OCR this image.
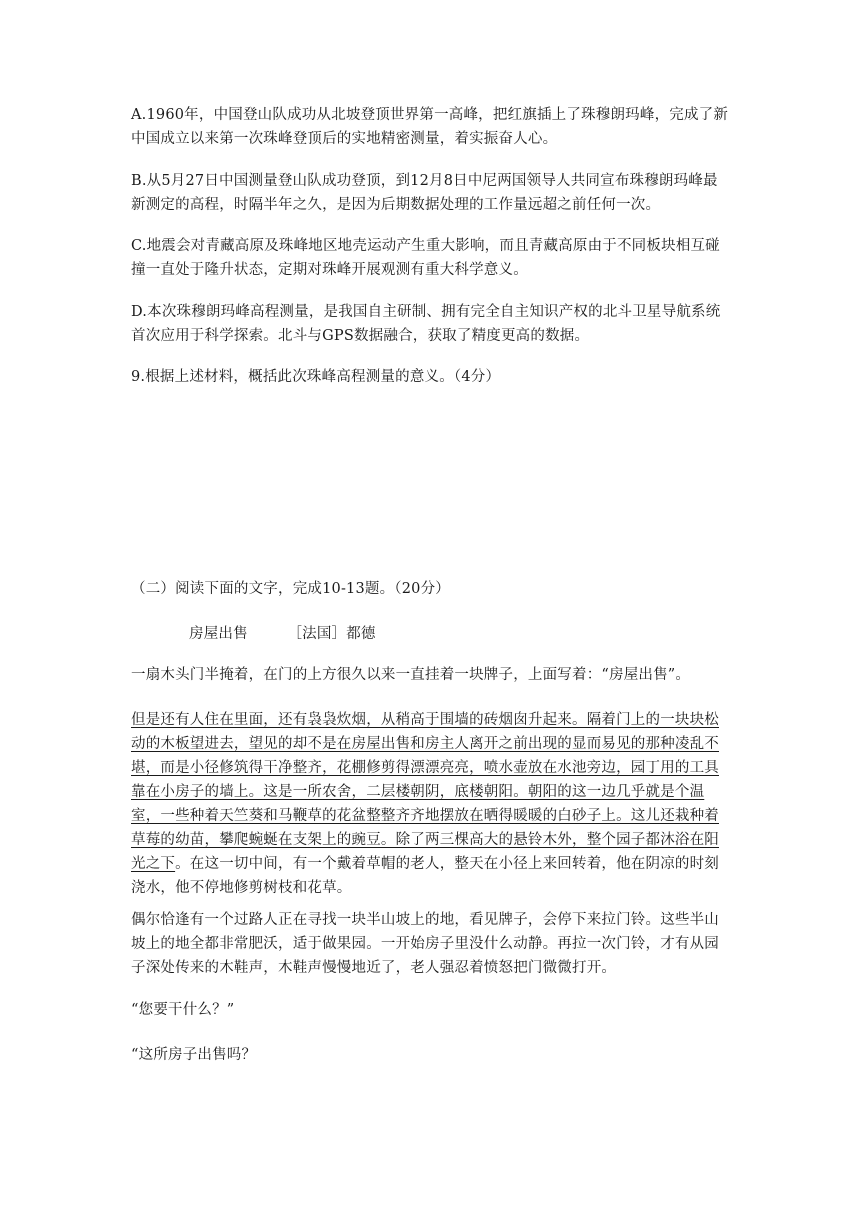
A.1960年，中国登山队成功从北坡登顶世界第一高峰，把红旗插上了珠穆朗玛峰，完成了新中国成立以来第一次珠峰登顶后的实地精密测量，着实振奋人心。

B.从5月27日中国测量登山队成功登顶，到12月8日中尼两国领导人共同宣布珠穆朗玛峰最新测定的高程，时隔半年之久，是因为后期数据处理的工作量远超之前任何一次。

C.地震会对青藏高原及珠峰地区地壳运动产生重大影响，而且青藏高原由于不同板块相互碰撞一直处于隆升状态，定期对珠峰开展观测有重大科学意义。

D.本次珠穆朗玛峰高程测量，是我国自主研制、拥有完全自主知识产权的北斗卫星导航系统首次应用于科学探索。北斗与GPS数据融合，获取了精度更高的数据。

9.根据上述材料，概括此次珠峰高程测量的意义。（4分）

（二）阅读下面的文字，完成10-13题。（20分）

房屋出售	［法国］都德

一扇木头门半掩着，在门的上方很久以来一直挂着一块牌子，上面写着：“房屋出售”。

但是还有人住在里面，还有袅袅炊烟，从稍高于围墙的砖烟囱升起来。隔着门上的一块块松动的木板望进去，望见的却不是在房屋出售和房主人离开之前出现的显而易见的那种凌乱不堪，而是小径修筑得干净整齐，花棚修剪得漂漂亮亮，喷水壶放在水池旁边，园丁用的工具靠在小房子的墙上。这是一所农舍，二层楼朝阴，底楼朝阳。朝阳的这一边几乎就是个温室，一些种着天竺葵和马鞭草的花盆整整齐齐地摆放在晒得暖暖的白砂子上。这儿还栽种着草莓的幼苗，攀爬蜿蜒在支架上的豌豆。除了两三棵高大的悬铃木外，整个园子都沐浴在阳光之下。在这一切中间，有一个戴着草帽的老人，整天在小径上来回转着，他在阴凉的时刻浇水，他不停地修剪树枝和花草。

偶尔恰逢有一个过路人正在寻找一块半山坡上的地，看见牌子，会停下来拉门铃。这些半山坡上的地全都非常肥沃，适于做果园。一开始房子里没什么动静。再拉一次门铃，才有从园子深处传来的木鞋声，木鞋声慢慢地近了，老人强忍着愤怒把门微微打开。

“您要干什么？”

“这所房子出售吗？
